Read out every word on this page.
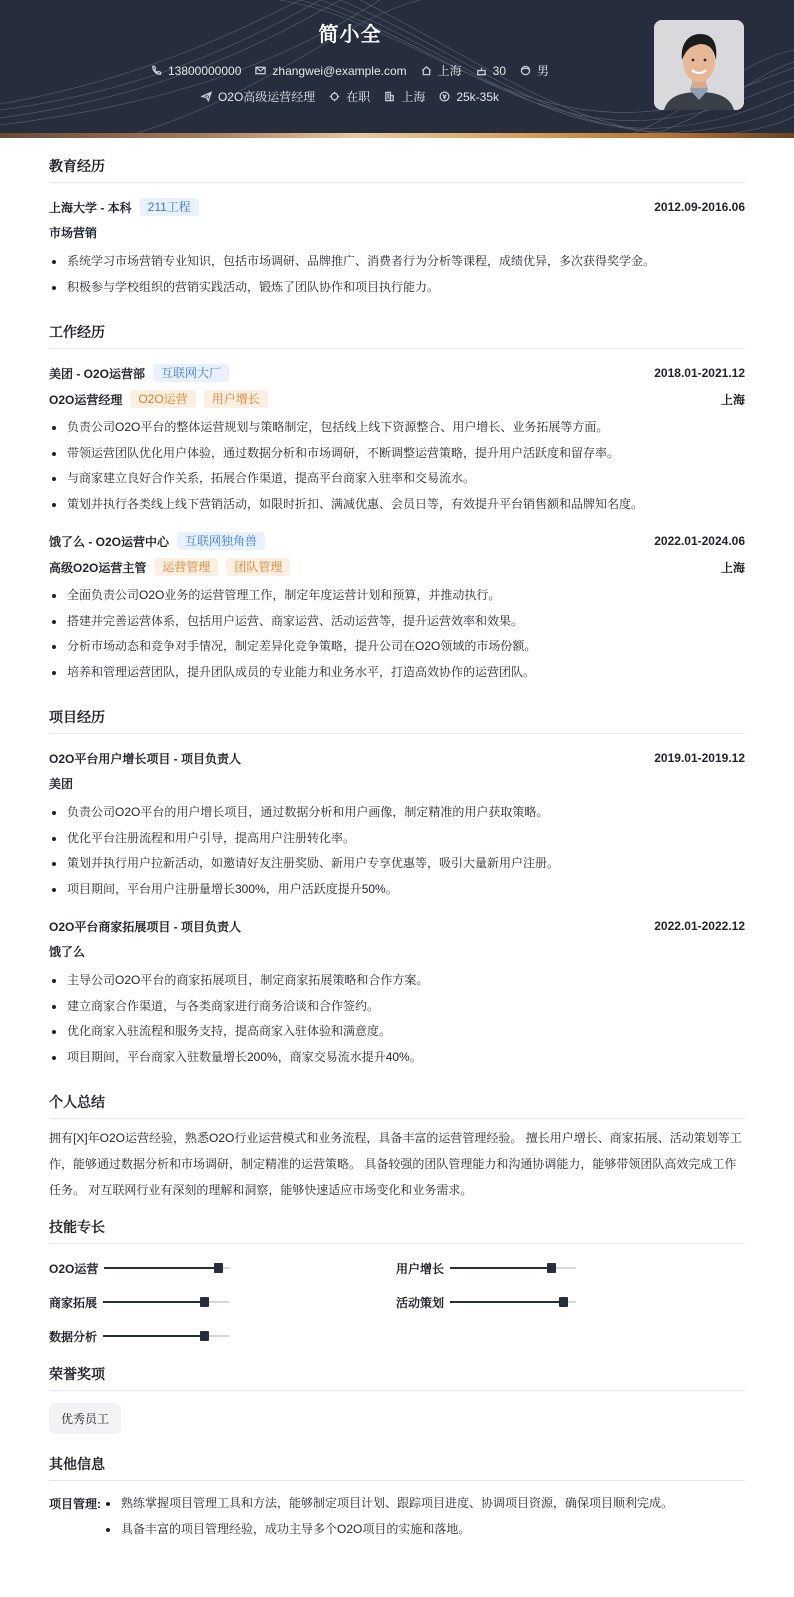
简小全
13800000000	zhangwei@example.com	上海	30	男
O2O高级运营经理	在职	上海	25k-35k
教育经历
上海大学 - 本科	211工程	2012.09-2016.06
市场营销
系统学习市场营销专业知识，包括市场调研、品牌推广、消费者行为分析等课程，成绩优异，多次获得奖学金。
积极参与学校组织的营销实践活动，锻炼了团队协作和项目执行能力。
工作经历
美团 - O2O运营部	互联网大厂	2018.01-2021.12
O2O运营经理	O2O运营	用户增长	上海
负责公司O2O平台的整体运营规划与策略制定，包括线上线下资源整合、用户增长、业务拓展等方面。
带领运营团队优化用户体验，通过数据分析和市场调研，不断调整运营策略，提升用户活跃度和留存率。
与商家建立良好合作关系，拓展合作渠道，提高平台商家入驻率和交易流水。
策划并执行各类线上线下营销活动，如限时折扣、满减优惠、会员日等，有效提升平台销售额和品牌知名度。
饿了么 - O2O运营中心	互联网独角兽	2022.01-2024.06
高级O2O运营主管	运营管理	团队管理	上海
全面负责公司O2O业务的运营管理工作，制定年度运营计划和预算，并推动执行。
搭建并完善运营体系，包括用户运营、商家运营、活动运营等，提升运营效率和效果。
分析市场动态和竞争对手情况，制定差异化竞争策略，提升公司在O2O领域的市场份额。
培养和管理运营团队，提升团队成员的专业能力和业务水平，打造高效协作的运营团队。
项目经历
O2O平台用户增长项目 - 项目负责人	2019.01-2019.12
美团
负责公司O2O平台的用户增长项目，通过数据分析和用户画像，制定精准的用户获取策略。
优化平台注册流程和用户引导，提高用户注册转化率。
策划并执行用户拉新活动，如邀请好友注册奖励、新用户专享优惠等，吸引大量新用户注册。
项目期间，平台用户注册量增长300%，用户活跃度提升50%。
O2O平台商家拓展项目 - 项目负责人	2022.01-2022.12
饿了么
主导公司O2O平台的商家拓展项目，制定商家拓展策略和合作方案。
建立商家合作渠道，与各类商家进行商务洽谈和合作签约。
优化商家入驻流程和服务支持，提高商家入驻体验和满意度。
项目期间，平台商家入驻数量增长200%，商家交易流水提升40%。
个人总结
拥有[X]年O2O运营经验，熟悉O2O行业运营模式和业务流程，具备丰富的运营管理经验。 擅长用户增长、商家拓展、活动策划等工作，能够通过数据分析和市场调研，制定精准的运营策略。 具备较强的团队管理能力和沟通协调能力，能够带领团队高效完成工作任务。 对互联网行业有深刻的理解和洞察，能够快速适应市场变化和业务需求。
技能专长
O2O运营	用户增长
商家拓展	活动策划
数据分析
荣誉奖项
优秀员工
其他信息
项目管理:	熟练掌握项目管理工具和方法，能够制定项目计划、跟踪项目进度、协调项目资源，确保项目顺利完成。
具备丰富的项目管理经验，成功主导多个O2O项目的实施和落地。
